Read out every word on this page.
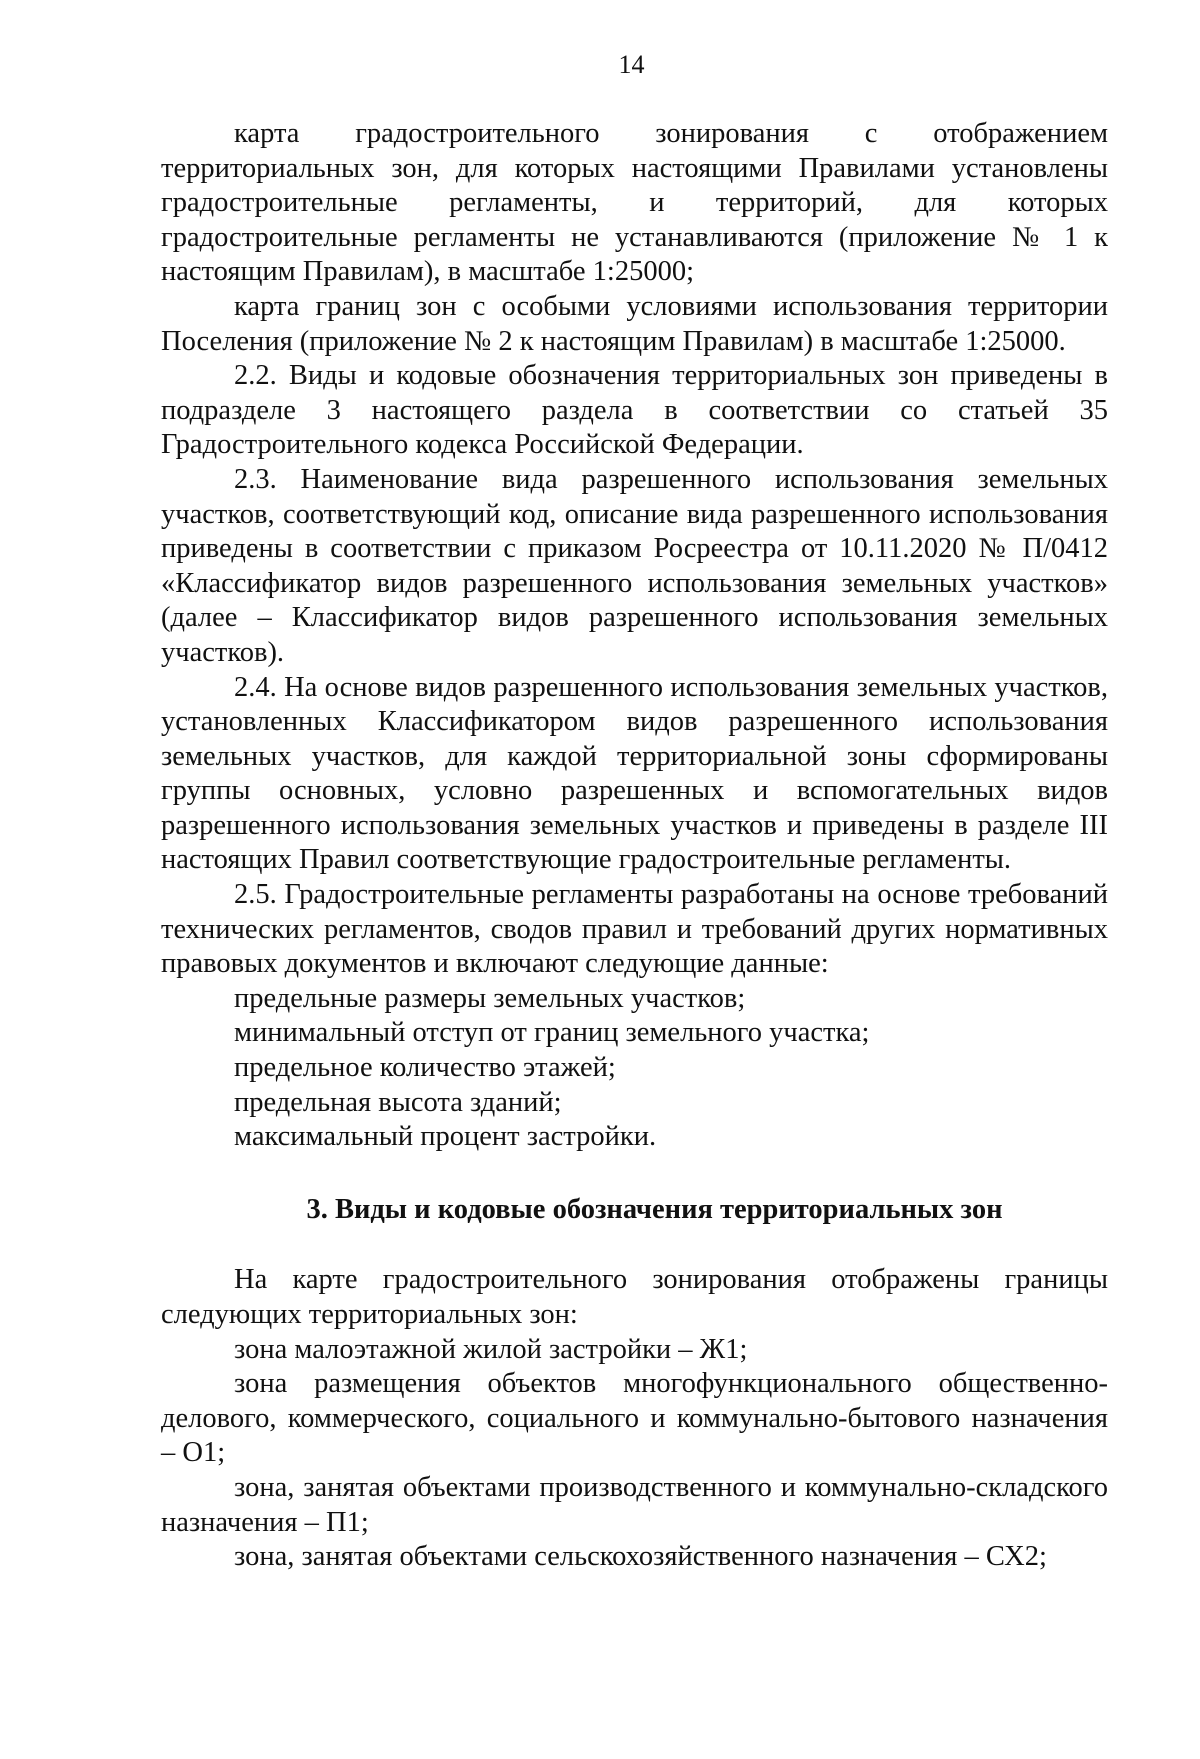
14

карта градостроительного зонирования с отображением территориальных зон, для которых настоящими Правилами установлены градостроительные регламенты, и территорий, для которых градостроительные регламенты не устанавливаются (приложение № 1 к настоящим Правилам), в масштабе 1:25000;

карта границ зон с особыми условиями использования территории Поселения (приложение № 2 к настоящим Правилам) в масштабе 1:25000.

2.2. Виды и кодовые обозначения территориальных зон приведены в подразделе 3 настоящего раздела в соответствии со статьей 35 Градостроительного кодекса Российской Федерации.

2.3. Наименование вида разрешенного использования земельных участков, соответствующий код, описание вида разрешенного использования приведены в соответствии с приказом Росреестра от 10.11.2020 № П/0412 «Классификатор видов разрешенного использования земельных участков» (далее – Классификатор видов разрешенного использования земельных участков).

2.4. На основе видов разрешенного использования земельных участков, установленных Классификатором видов разрешенного использования земельных участков, для каждой территориальной зоны сформированы группы основных, условно разрешенных и вспомогательных видов разрешенного использования земельных участков и приведены в разделе III настоящих Правил соответствующие градостроительные регламенты.

2.5. Градостроительные регламенты разработаны на основе требований технических регламентов, сводов правил и требований других нормативных правовых документов и включают следующие данные:

предельные размеры земельных участков;

минимальный отступ от границ земельного участка;

предельное количество этажей;

предельная высота зданий;

максимальный процент застройки.

3. Виды и кодовые обозначения территориальных зон

На карте градостроительного зонирования отображены границы следующих территориальных зон:

зона малоэтажной жилой застройки – Ж1;

зона размещения объектов многофункционального общественно-делового, коммерческого, социального и коммунально-бытового назначения – О1;

зона, занятая объектами производственного и коммунально-складского назначения – П1;

зона, занятая объектами сельскохозяйственного назначения – СХ2;
